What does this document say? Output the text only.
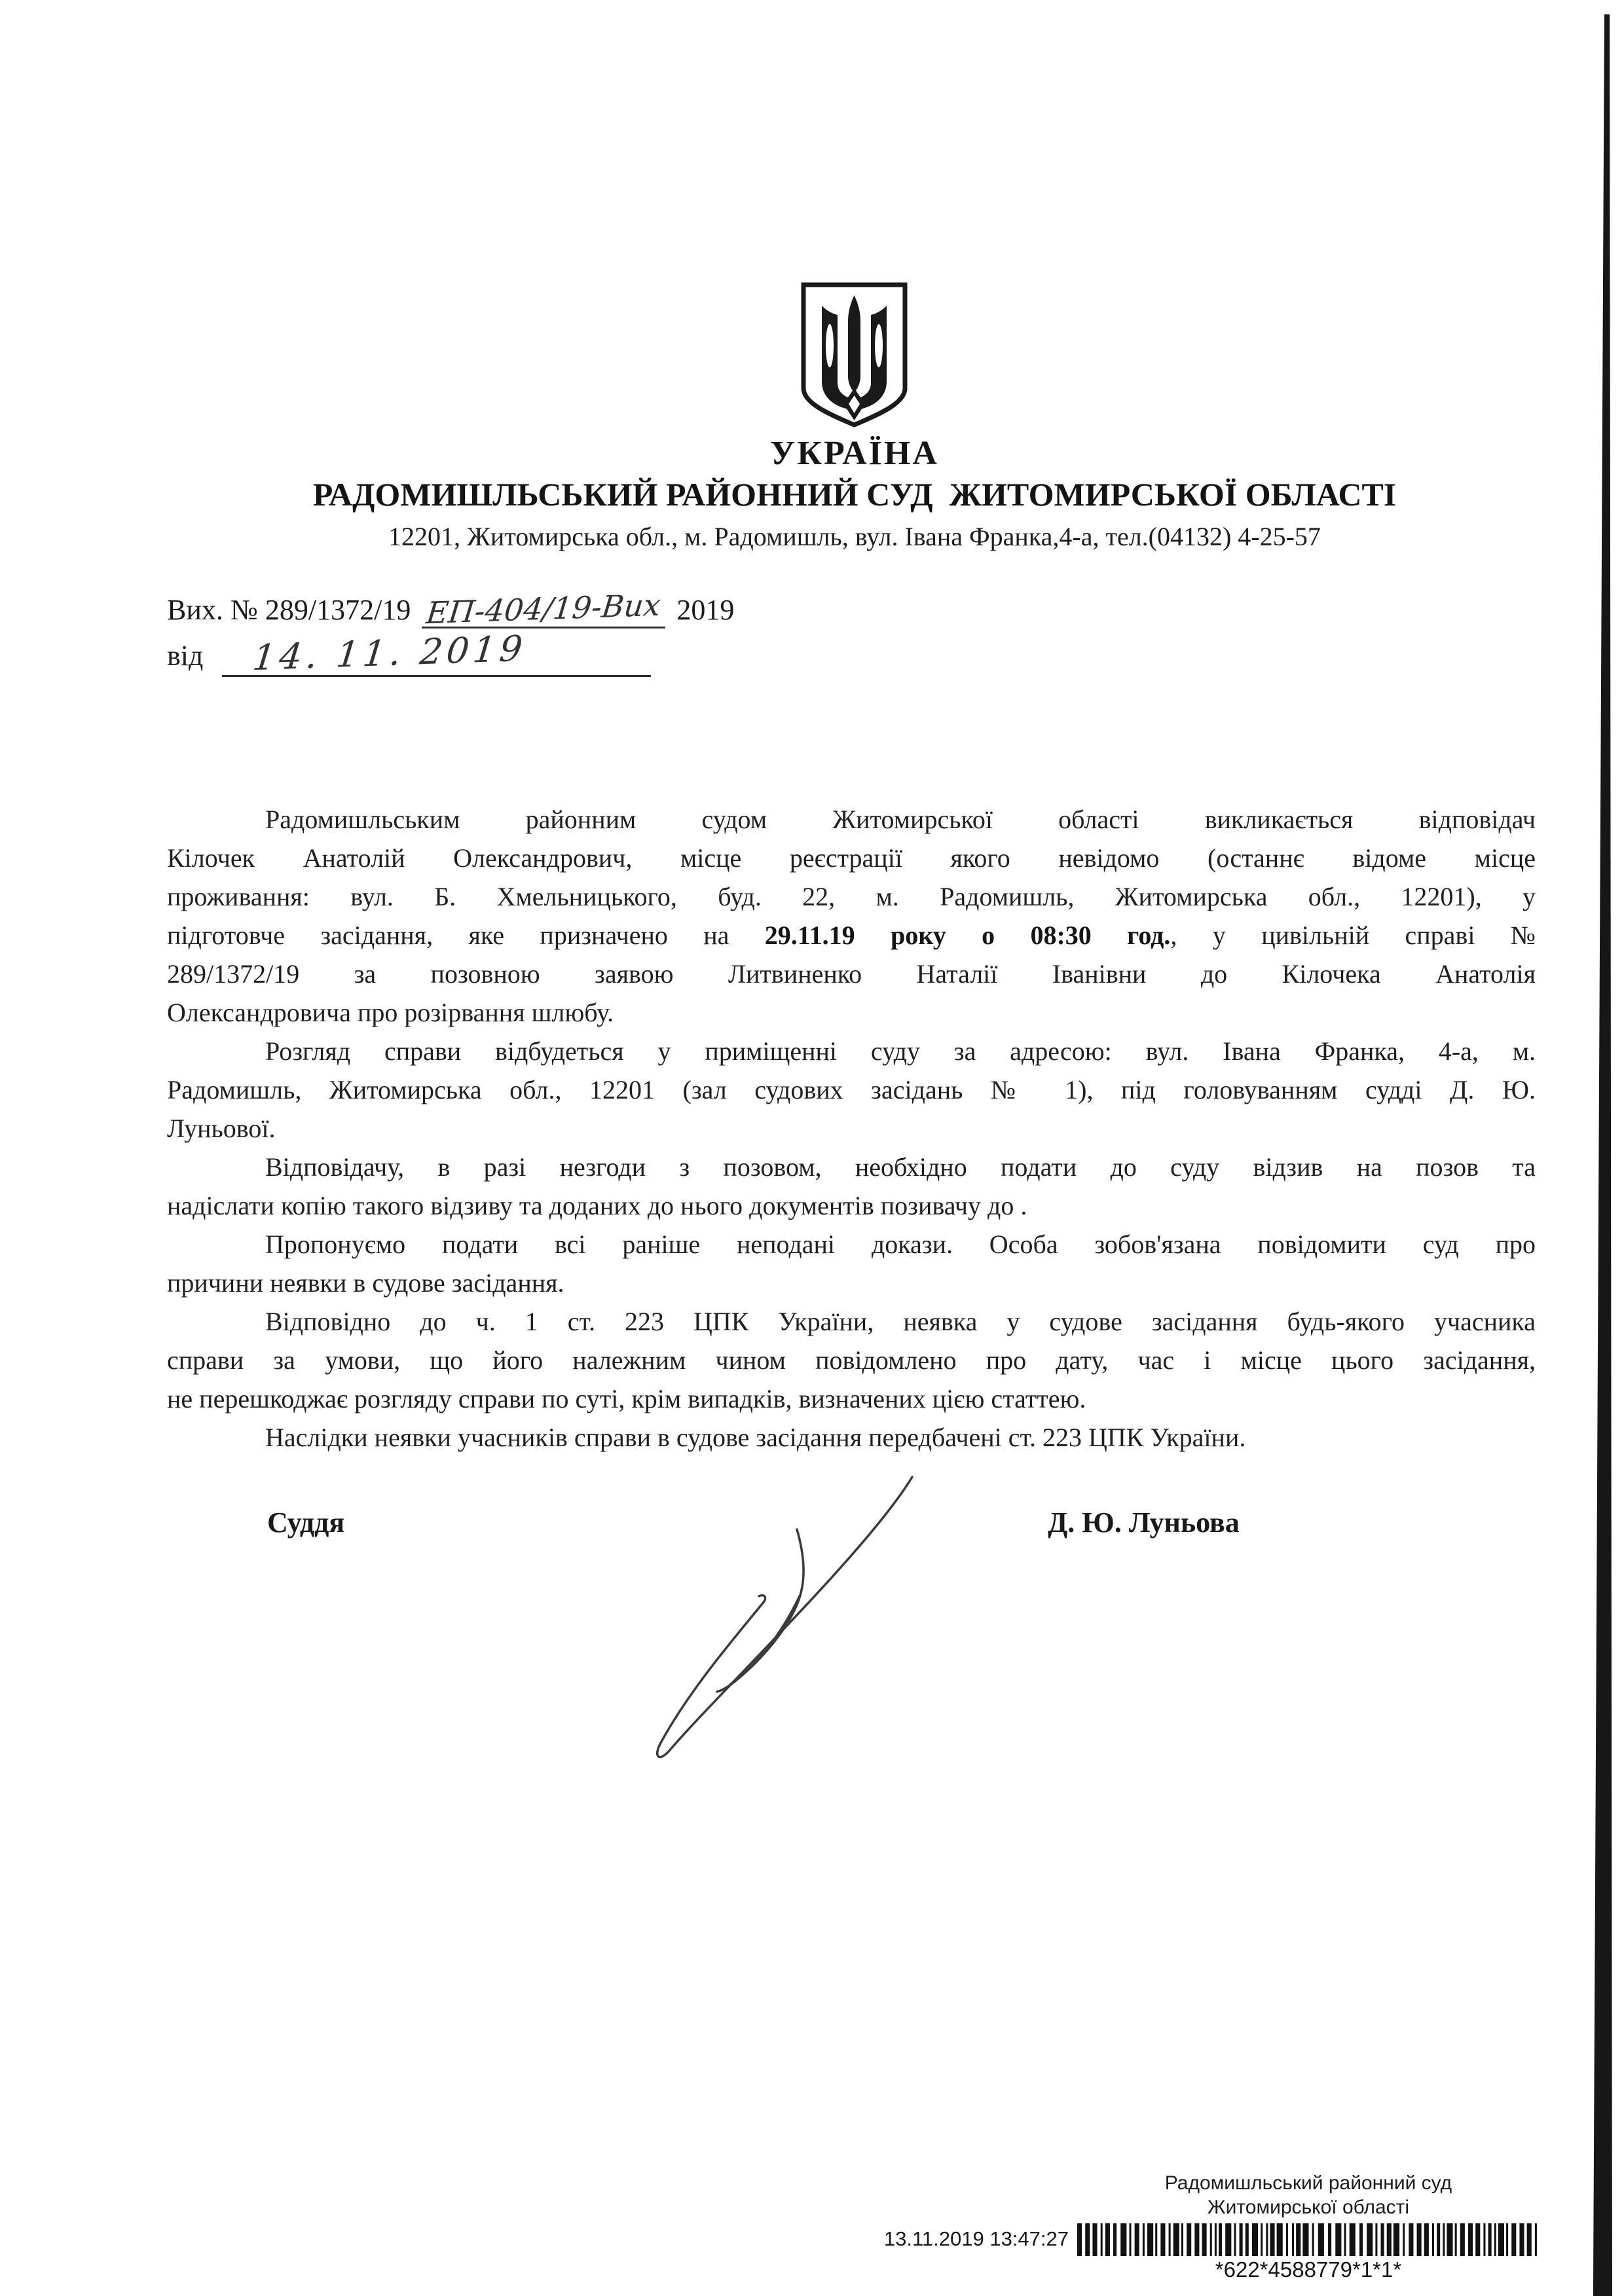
УКРАЇНА
РАДОМИШЛЬСЬКИЙ РАЙОННИЙ СУД  ЖИТОМИРСЬКОЇ ОБЛАСТІ
12201, Житомирська обл., м. Радомишль, вул. Івана Франка,4-а, тел.(04132) 4-25-57
Вих. № 289/1372/19 ЕП-404/19-Вих 2019
від 14. 11. 2019
Радомишльським районним судом Житомирської області викликається відповідач
Кілочек Анатолій Олександрович, місце реєстрації якого невідомо (останнє відоме місце
проживання: вул. Б. Хмельницького, буд. 22, м. Радомишль, Житомирська обл., 12201), у
підготовче засідання, яке призначено на 29.11.19 року о 08:30 год., у цивільній справі №
289/1372/19 за позовною заявою Литвиненко Наталії Іванівни до Кілочека Анатолія
Олександровича про розірвання шлюбу.
Розгляд справи відбудеться у приміщенні суду за адресою: вул. Івана Франка, 4-а, м.
Радомишль, Житомирська обл., 12201 (зал судових засідань № 1), під головуванням судді Д. Ю.
Луньової.
Відповідачу, в разі незгоди з позовом, необхідно подати до суду відзив на позов та
надіслати копію такого відзиву та доданих до нього документів позивачу до .
Пропонуємо подати всі раніше неподані докази. Особа зобов'язана повідомити суд про
причини неявки в судове засідання.
Відповідно до ч. 1 ст. 223 ЦПК України, неявка у судове засідання будь-якого учасника
справи за умови, що його належним чином повідомлено про дату, час і місце цього засідання,
не перешкоджає розгляду справи по суті, крім випадків, визначених цією статтею.
Наслідки неявки учасників справи в судове засідання передбачені ст. 223 ЦПК України.
Суддя	Д. Ю. Луньова
Радомишльський районний суд
Житомирської області
13.11.2019 13:47:27
*622*4588779*1*1*
